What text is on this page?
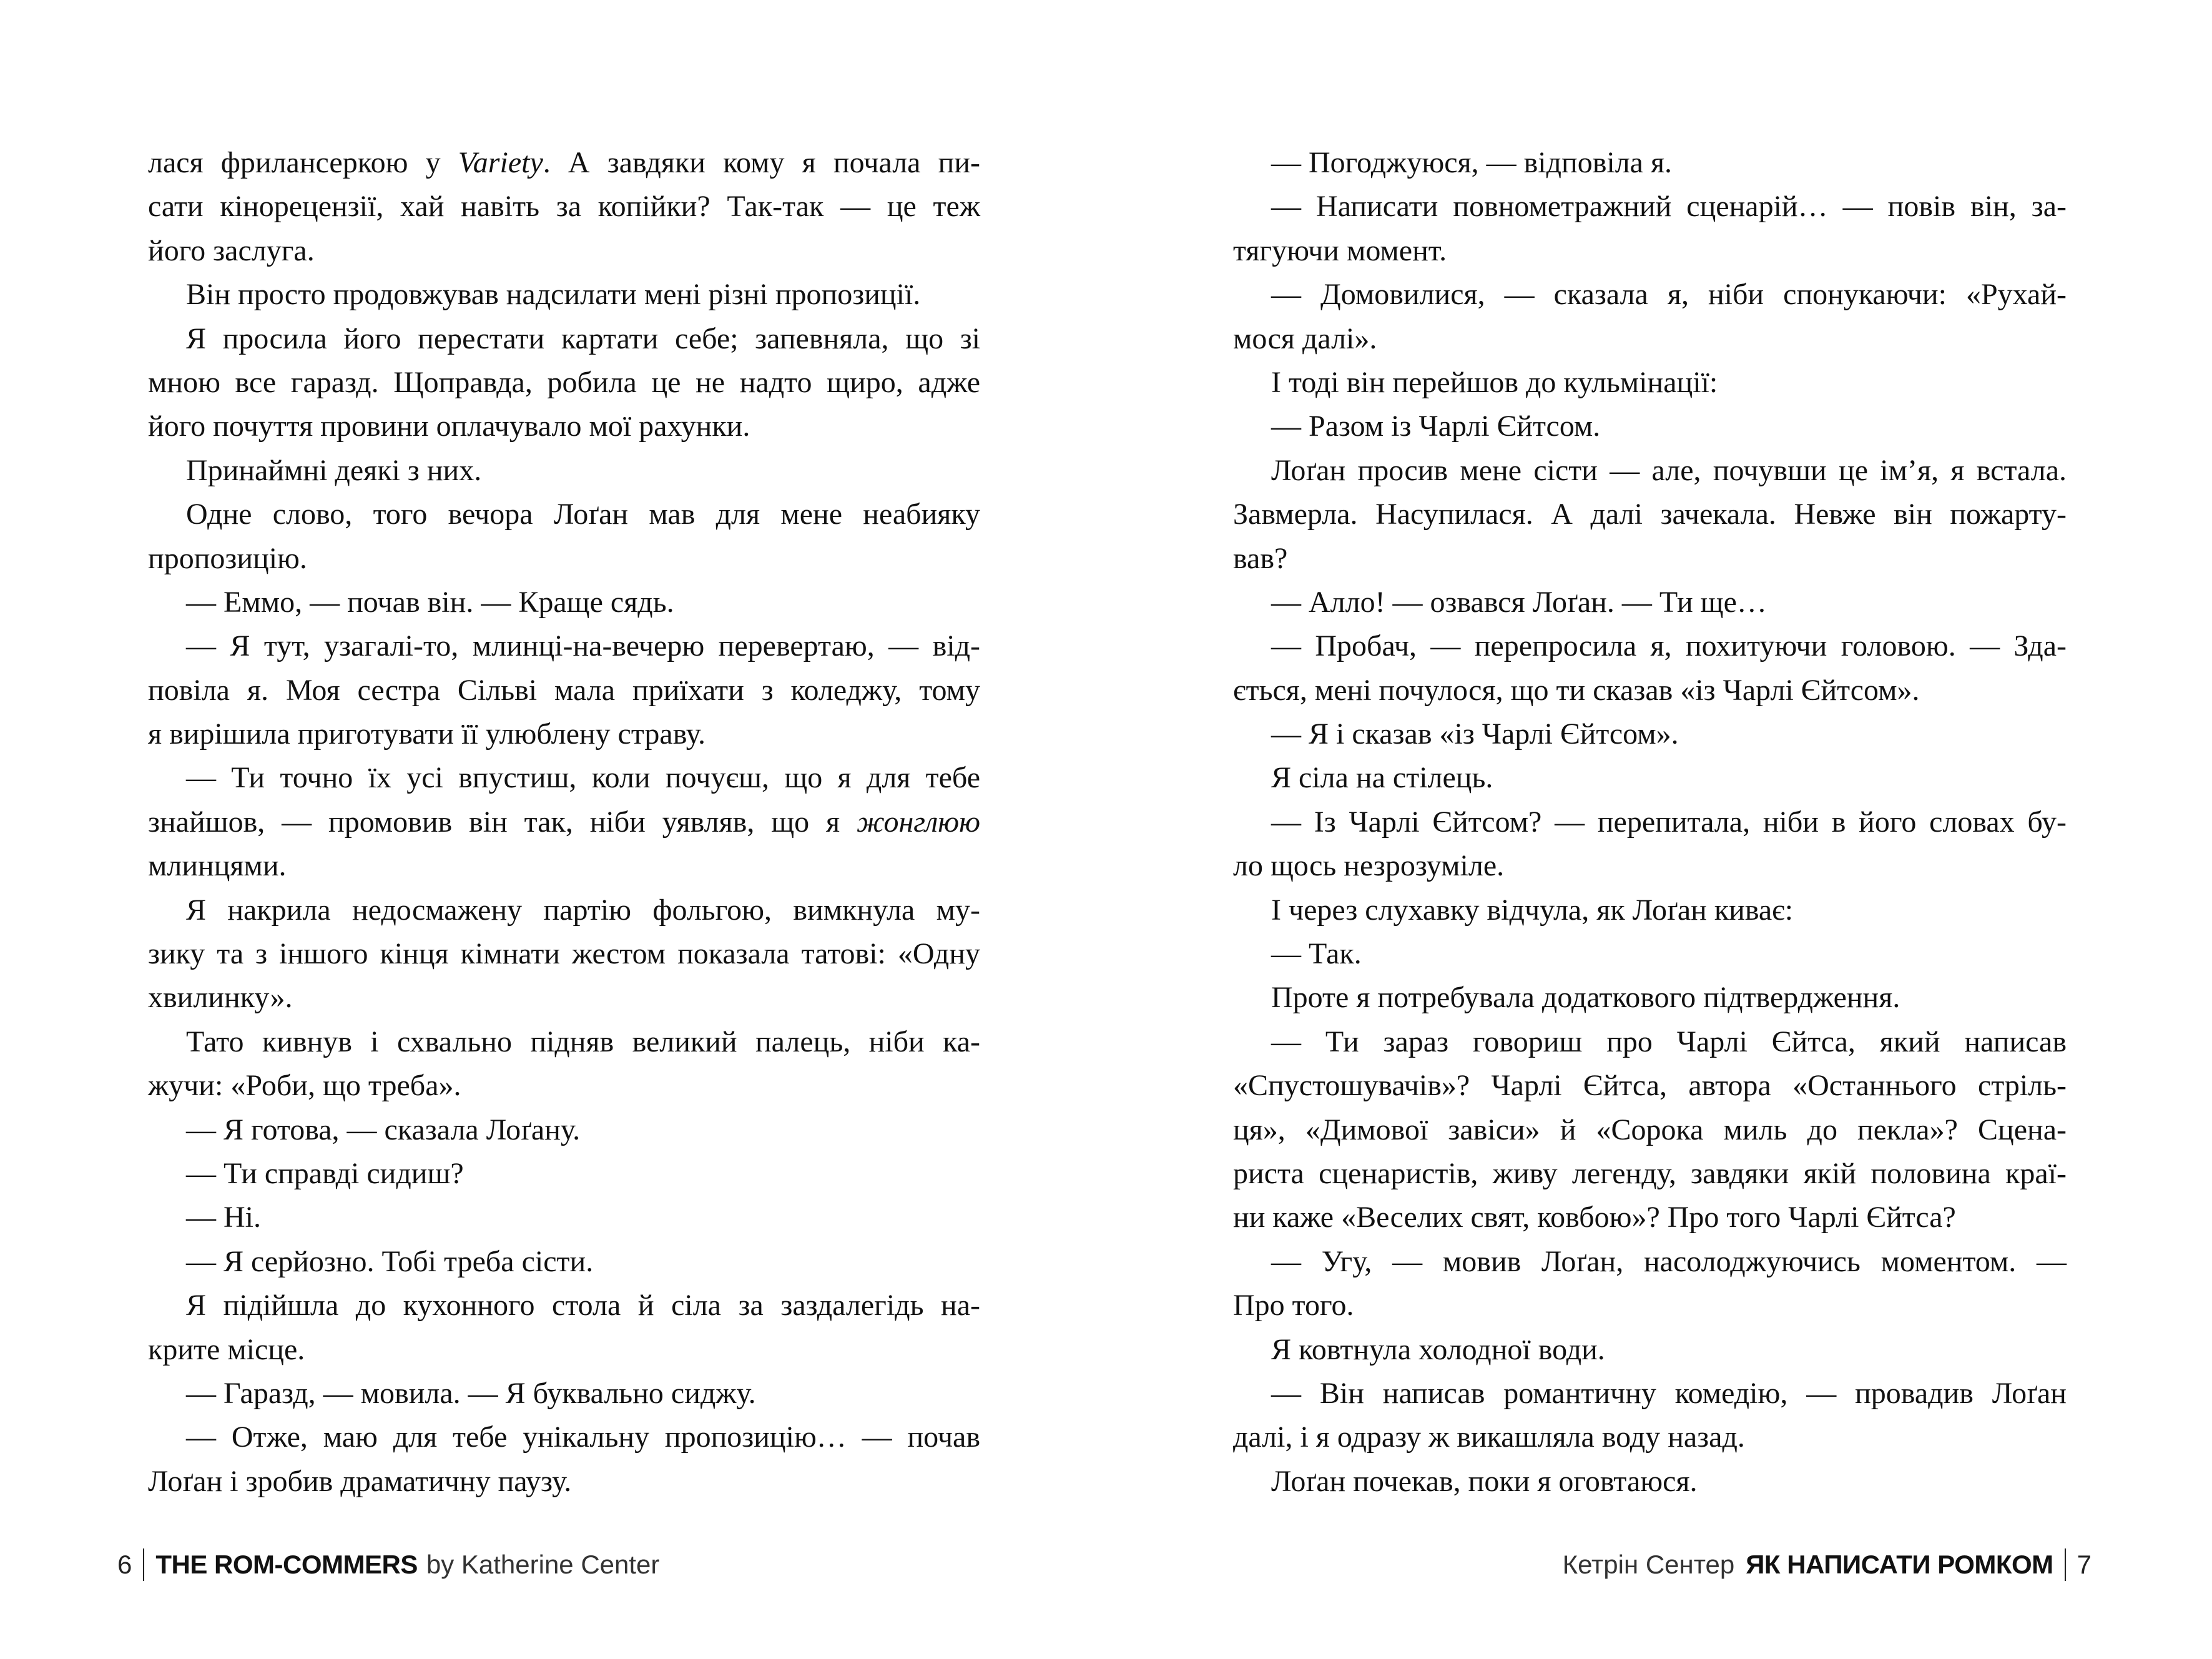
лася фрилансеркою у Variety. А завдяки кому я почала пи-
сати кінорецензії, хай навіть за копійки? Так-так — це теж
його заслуга.
Він просто продовжував надсилати мені різні пропозиції.
Я просила його перестати картати себе; запевняла, що зі
мною все гаразд. Щоправда, робила це не надто щиро, адже
його почуття провини оплачувало мої рахунки.
Принаймні деякі з них.
Одне слово, того вечора Лоґан мав для мене неабияку
пропозицію.
— Еммо, — почав він. — Краще сядь.
— Я тут, узагалі-то, млинці-на-вечерю перевертаю, — від-
повіла я. Моя сестра Сільві мала приїхати з коледжу, тому
я вирішила приготувати її улюблену страву.
— Ти точно їх усі впустиш, коли почуєш, що я для тебе
знайшов, — промовив він так, ніби уявляв, що я жонглюю
млинцями.
Я накрила недосмажену партію фольгою, вимкнула му-
зику та з іншого кінця кімнати жестом показала татові: «Одну
хвилинку».
Тато кивнув і схвально підняв великий палець, ніби ка-
жучи: «Роби, що треба».
— Я готова, — сказала Лоґану.
— Ти справді сидиш?
— Ні.
— Я серйозно. Тобі треба сісти.
Я підійшла до кухонного стола й сіла за заздалегідь на-
крите місце.
— Гаразд, — мовила. — Я буквально сиджу.
— Отже, маю для тебе унікальну пропозицію… — почав
Лоґан і зробив драматичну паузу.
6 THE ROM-COMMERS by Katherine Center
— Погоджуюся, — відповіла я.
— Написати повнометражний сценарій… — повів він, за-
тягуючи момент.
— Домовилися, — сказала я, ніби спонукаючи: «Рухай-
мося далі».
І тоді він перейшов до кульмінації:
— Разом із Чарлі Єйтсом.
Лоґан просив мене сісти — але, почувши це ім’я, я встала.
Завмерла. Насупилася. А далі зачекала. Невже він пожарту-
вав?
— Алло! — озвався Лоґан. — Ти ще…
— Пробач, — перепросила я, похитуючи головою. — Зда-
ється, мені почулося, що ти сказав «із Чарлі Єйтсом».
— Я і сказав «із Чарлі Єйтсом».
Я сіла на стілець.
— Із Чарлі Єйтсом? — перепитала, ніби в його словах бу-
ло щось незрозуміле.
І через слухавку відчула, як Лоґан киває:
— Так.
Проте я потребувала додаткового підтвердження.
— Ти зараз говориш про Чарлі Єйтса, який написав
«Спустошувачів»? Чарлі Єйтса, автора «Останнього стріль-
ця», «Димової завіси» й «Сорока миль до пекла»? Сцена-
риста сценаристів, живу легенду, завдяки якій половина краї-
ни каже «Веселих свят, ковбою»? Про того Чарлі Єйтса?
— Угу, — мовив Лоґан, насолоджуючись моментом. —
Про того.
Я ковтнула холодної води.
— Він написав романтичну комедію, — провадив Лоґан
далі, і я одразу ж викашляла воду назад.
Лоґан почекав, поки я оговтаюся.
Кетрін Сентер ЯК НАПИСАТИ РОМКОМ 7
